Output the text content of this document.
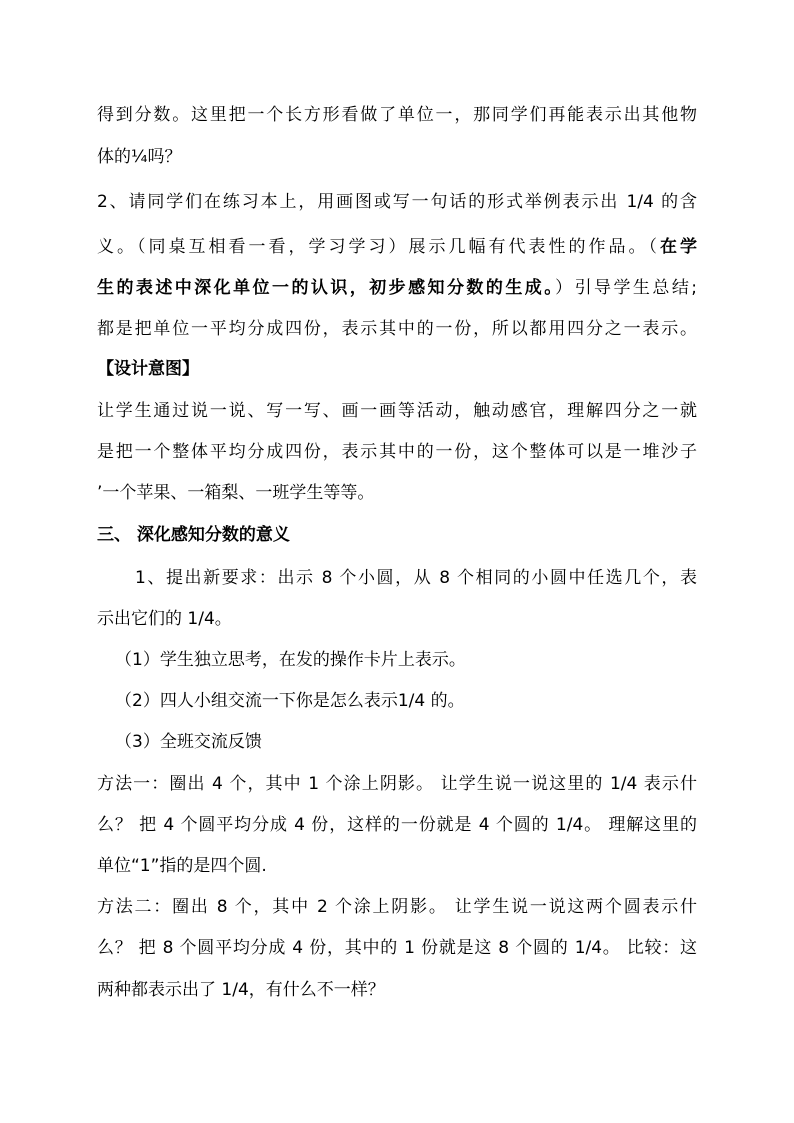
得到分数。这里把一个长方形看做了单位一，那同学们再能表示出其他物
体的¼吗？
2、请同学们在练习本上，用画图或写一句话的形式举例表示出 1/4 的含
义。（同桌互相看一看，学习学习）展示几幅有代表性的作品。（在学
生的表述中深化单位一的认识，初步感知分数的生成。）引导学生总结;
都是把单位一平均分成四份，表示其中的一份，所以都用四分之一表示。
【设计意图】
让学生通过说一说、写一写、画一画等活动，触动感官，理解四分之一就
是把一个整体平均分成四份，表示其中的一份，这个整体可以是一堆沙子
’一个苹果、一箱梨、一班学生等等。
三、 深化感知分数的意义
1、提出新要求：出示 8 个小圆，从 8 个相同的小圆中任选几个，表
示出它们的 1/4。
（1）学生独立思考，在发的操作卡片上表示。
（2）四人小组交流一下你是怎么表示1/4 的。
（3）全班交流反馈
方法一：圈出 4 个，其中 1 个涂上阴影。 让学生说一说这里的 1/4 表示什
么？ 把 4 个圆平均分成 4 份，这样的一份就是 4 个圆的 1/4。 理解这里的
单位“1”指的是四个圆.
方法二：圈出 8 个，其中 2 个涂上阴影。 让学生说一说这两个圆表示什
么？ 把 8 个圆平均分成 4 份，其中的 1 份就是这 8 个圆的 1/4。 比较：这
两种都表示出了 1/4，有什么不一样？
